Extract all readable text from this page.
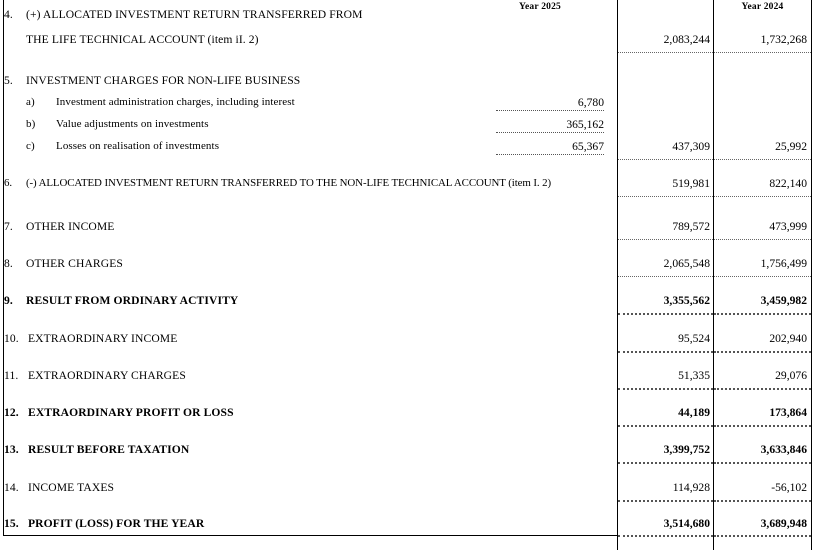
Year 2025	Year 2024
4. (+) ALLOCATED INVESTMENT RETURN TRANSFERRED FROM
THE LIFE TECHNICAL ACCOUNT (item iI. 2)	2,083,244	1,732,268
5. INVESTMENT CHARGES FOR NON-LIFE BUSINESS
a) Investment administration charges, including interest	6,780
b) Value adjustments on investments	365,162
c) Losses on realisation of investments	65,367	437,309	25,992
6. (-) ALLOCATED INVESTMENT RETURN TRANSFERRED TO THE NON-LIFE TECHNICAL ACCOUNT (item I. 2)	519,981	822,140
7. OTHER INCOME	789,572	473,999
8. OTHER CHARGES	2,065,548	1,756,499
9. RESULT FROM ORDINARY ACTIVITY	3,355,562	3,459,982
10. EXTRAORDINARY INCOME	95,524	202,940
11. EXTRAORDINARY CHARGES	51,335	29,076
12. EXTRAORDINARY PROFIT OR LOSS	44,189	173,864
13. RESULT BEFORE TAXATION	3,399,752	3,633,846
14. INCOME TAXES	114,928	-56,102
15. PROFIT (LOSS) FOR THE YEAR	3,514,680	3,689,948
